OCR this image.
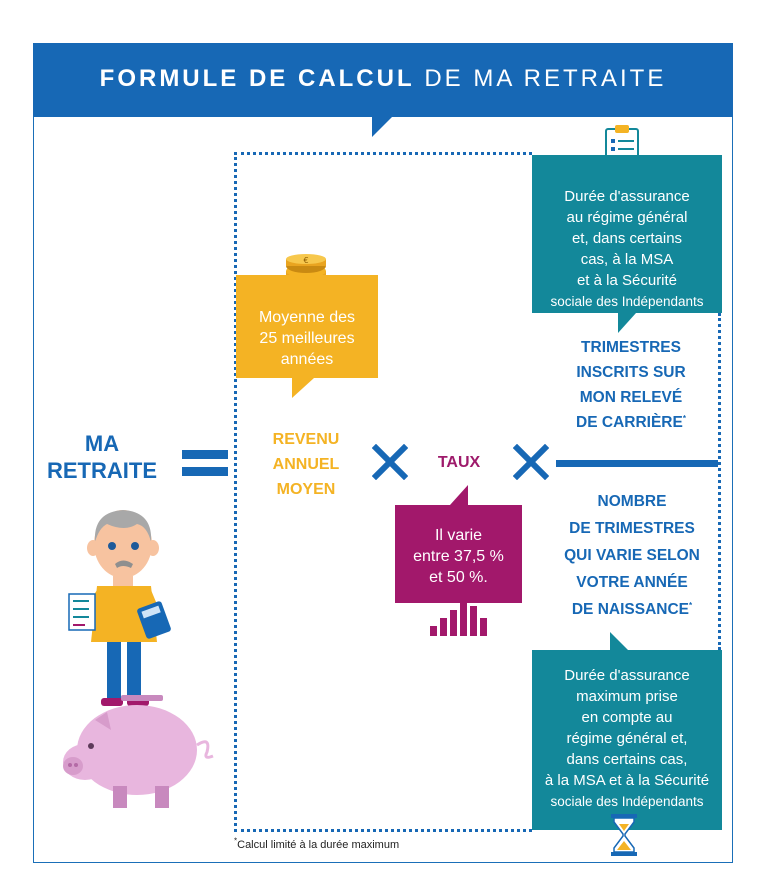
FORMULE DE CALCUL DE MA RETRAITE
MA
RETRAITE
€
Moyenne des
25 meilleures
années
REVENU
ANNUEL
MOYEN
TAUX
Il varie
entre 37,5 %
et 50 %.
Durée d'assurance
au régime général
et, dans certains
cas, à la MSA
et à la Sécurité
sociale des Indépendants
TRIMESTRES
INSCRITS SUR
MON RELEVÉ
DE CARRIÈRE*
NOMBRE
DE TRIMESTRES
QUI VARIE SELON
VOTRE ANNÉE
DE NAISSANCE*
Durée d'assurance
maximum prise
en compte au
régime général et,
dans certains cas,
à la MSA et à la Sécurité
sociale des Indépendants
*Calcul limité à la durée maximum
